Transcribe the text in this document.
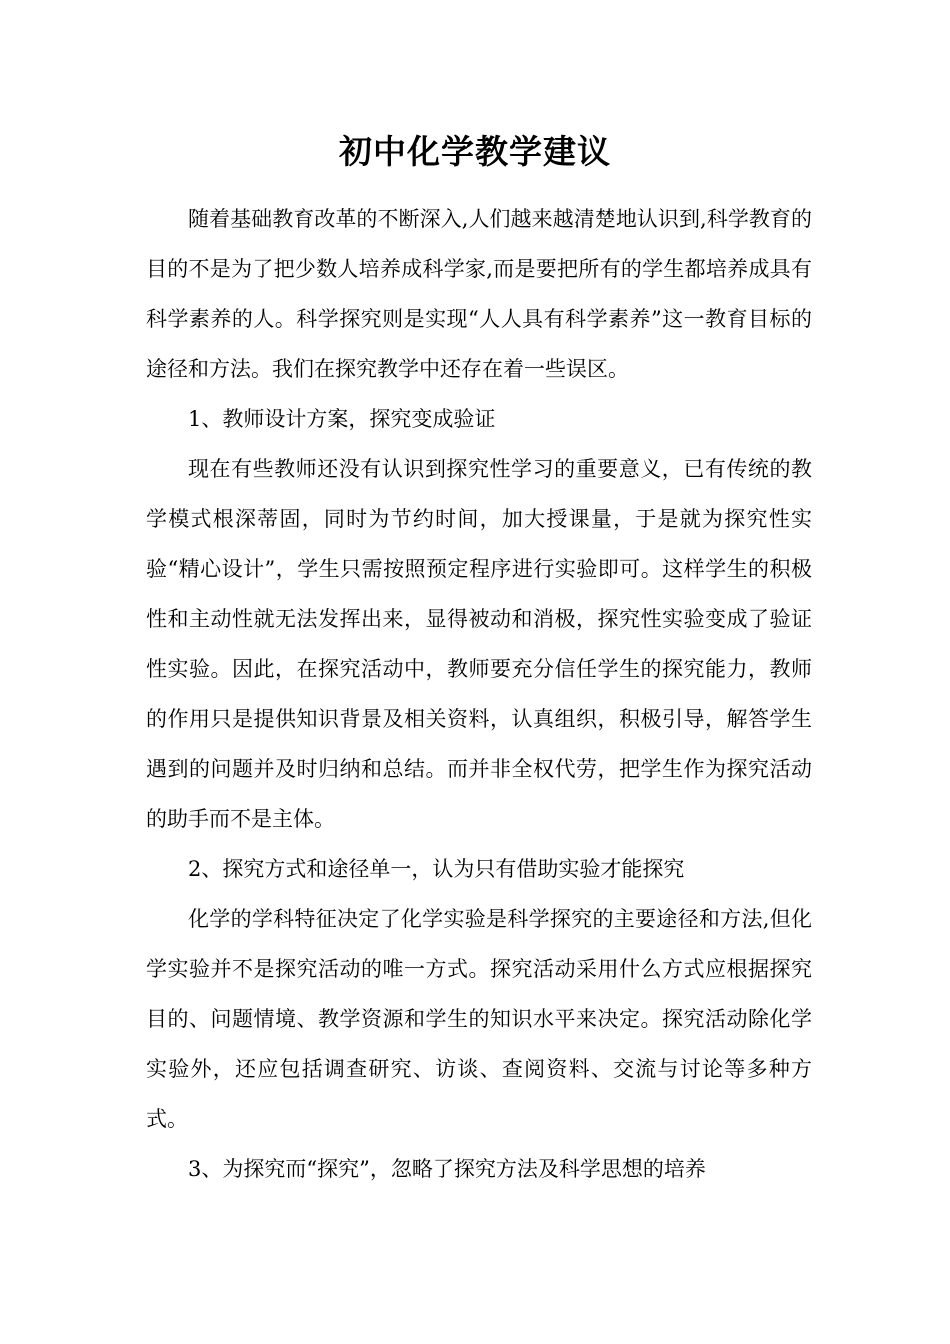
初中化学教学建议

随着基础教育改革的不断深入,人们越来越清楚地认识到,科学教育的目的不是为了把少数人培养成科学家,而是要把所有的学生都培养成具有科学素养的人。科学探究则是实现“人人具有科学素养”这一教育目标的途径和方法。我们在探究教学中还存在着一些误区。

1、教师设计方案，探究变成验证

现在有些教师还没有认识到探究性学习的重要意义，已有传统的教学模式根深蒂固，同时为节约时间，加大授课量，于是就为探究性实验“精心设计”，学生只需按照预定程序进行实验即可。这样学生的积极性和主动性就无法发挥出来，显得被动和消极，探究性实验变成了验证性实验。因此，在探究活动中，教师要充分信任学生的探究能力，教师的作用只是提供知识背景及相关资料，认真组织，积极引导，解答学生遇到的问题并及时归纳和总结。而并非全权代劳，把学生作为探究活动的助手而不是主体。

2、探究方式和途径单一，认为只有借助实验才能探究

化学的学科特征决定了化学实验是科学探究的主要途径和方法,但化学实验并不是探究活动的唯一方式。探究活动采用什么方式应根据探究目的、问题情境、教学资源和学生的知识水平来决定。探究活动除化学实验外，还应包括调查研究、访谈、查阅资料、交流与讨论等多种方式。

3、为探究而“探究”，忽略了探究方法及科学思想的培养
